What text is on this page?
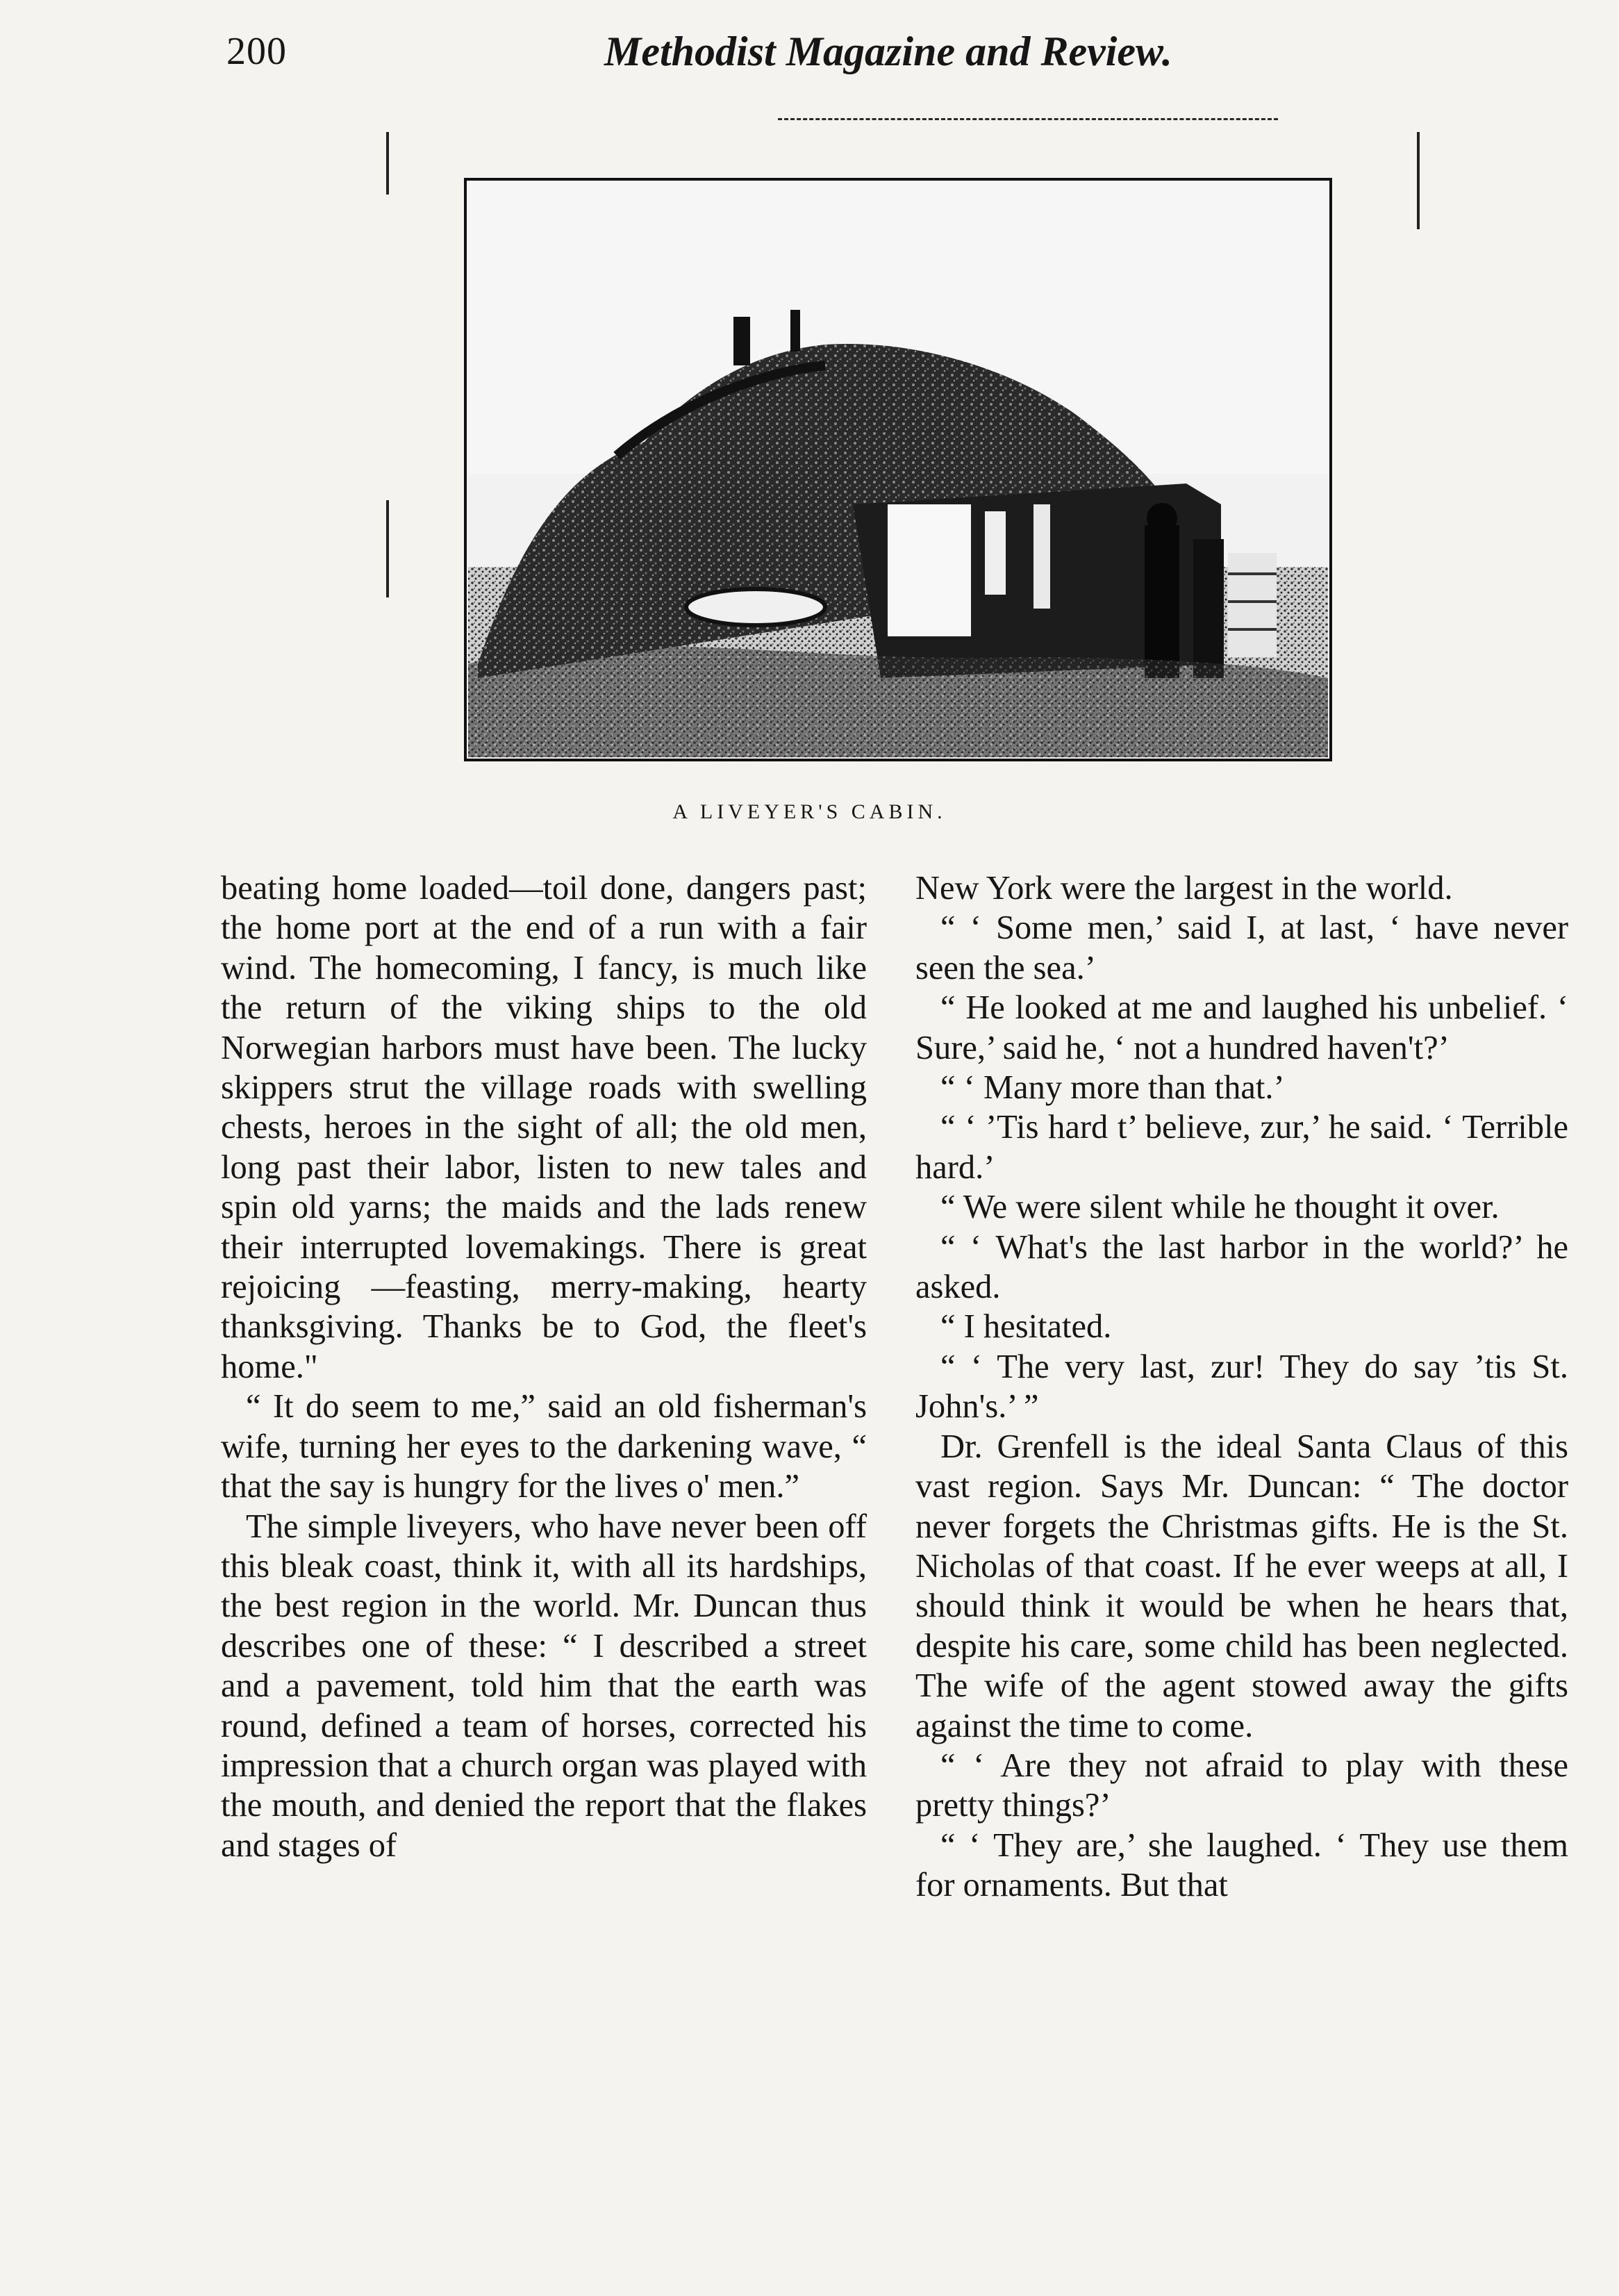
200	Methodist Magazine and Review.
A LIVEYER'S CABIN.

beating home loaded—toil done, dangers past; the home port at the end of a run with a fair wind. The homecoming, I fancy, is much like the return of the viking ships to the old Norwegian harbors must have been. The lucky skippers strut the village roads with swelling chests, heroes in the sight of all; the old men, long past their labor, listen to new tales and spin old yarns; the maids and the lads renew their interrupted lovemakings. There is great rejoicing —feasting, merry-making, hearty thanksgiving. Thanks be to God, the fleet's home."

“ It do seem to me,” said an old fisherman's wife, turning her eyes to the darkening wave, “ that the say is hungry for the lives o' men.”

The simple liveyers, who have never been off this bleak coast, think it, with all its hardships, the best region in the world. Mr. Duncan thus describes one of these: “ I described a street and a pavement, told him that the earth was round, defined a team of horses, corrected his impression that a church organ was played with the mouth, and denied the report that the flakes and stages of

New York were the largest in the world.

“ ‘ Some men,’ said I, at last, ‘ have never seen the sea.’

“ He looked at me and laughed his unbelief. ‘ Sure,’ said he, ‘ not a hundred haven't?’

“ ‘ Many more than that.’

“ ‘ ’Tis hard t’ believe, zur,’ he said. ‘ Terrible hard.’

“ We were silent while he thought it over.

“ ‘ What's the last harbor in the world?’ he asked.

“ I hesitated.

“ ‘ The very last, zur! They do say ’tis St. John's.’ ”

Dr. Grenfell is the ideal Santa Claus of this vast region. Says Mr. Duncan: “ The doctor never forgets the Christmas gifts. He is the St. Nicholas of that coast. If he ever weeps at all, I should think it would be when he hears that, despite his care, some child has been neglected. The wife of the agent stowed away the gifts against the time to come.

“ ‘ Are they not afraid to play with these pretty things?’

“ ‘ They are,’ she laughed. ‘ They use them for ornaments. But that
